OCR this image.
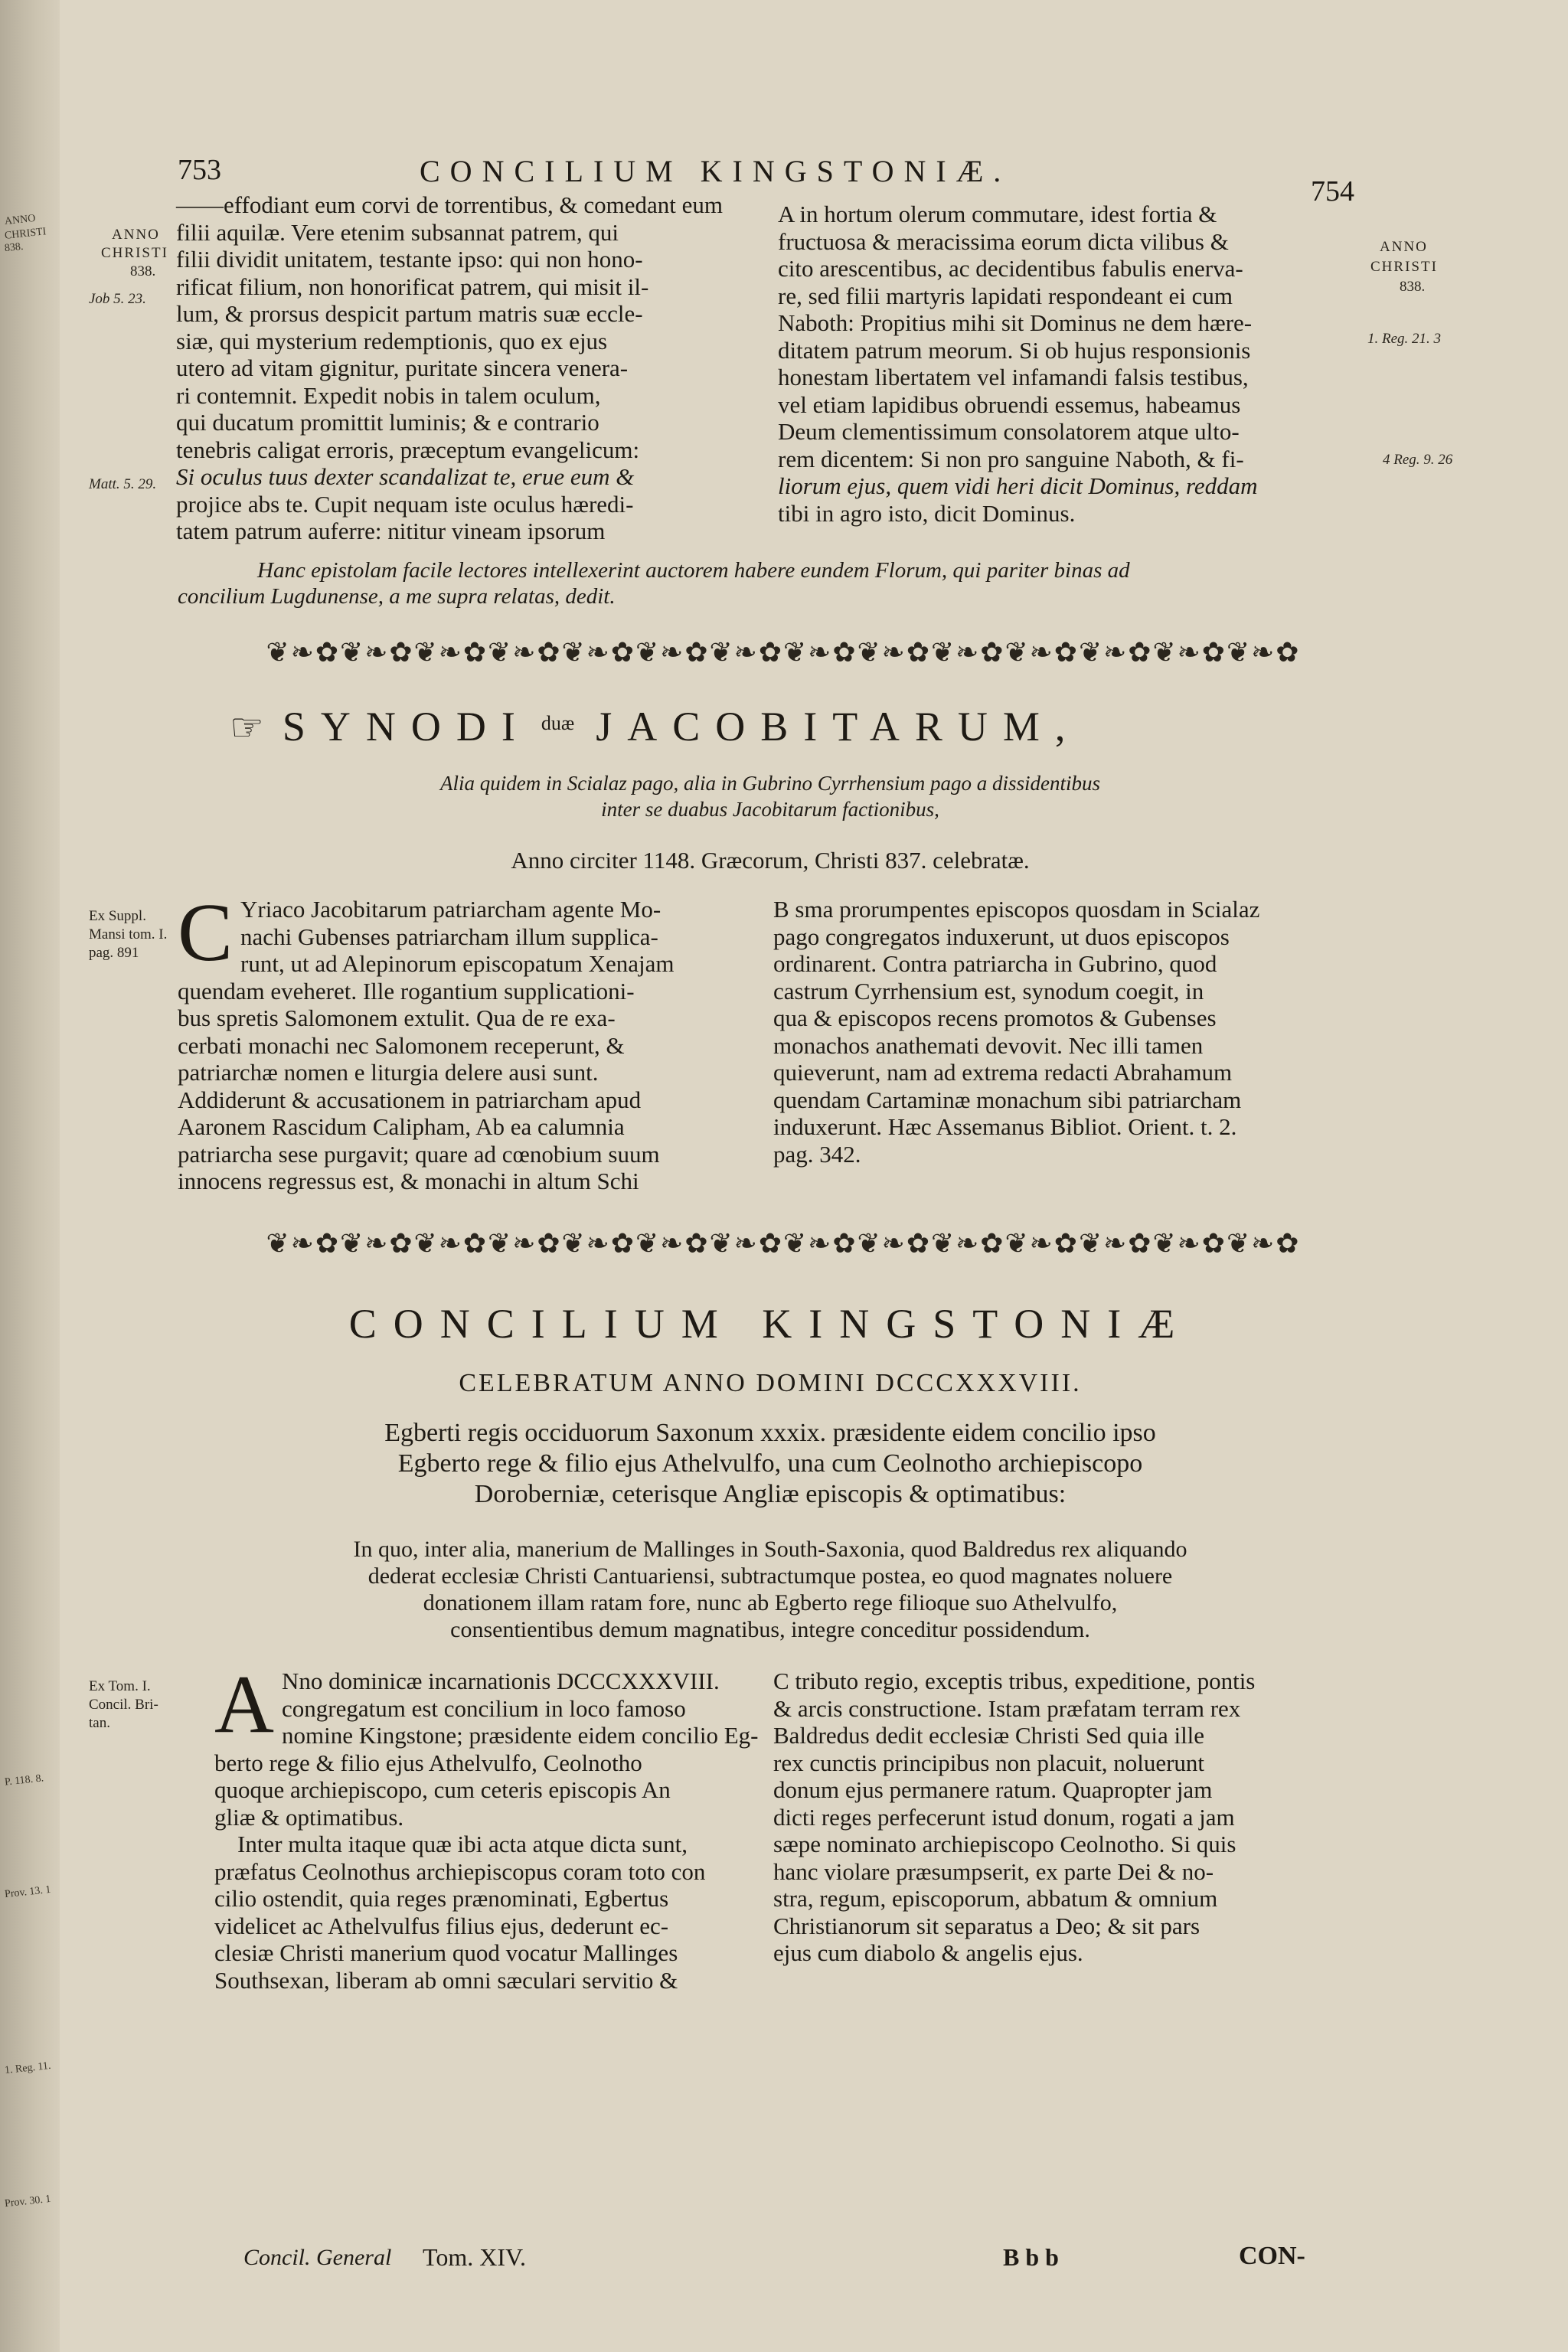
ANNO
CHRISTI
838.
P. 118. 8.
Prov. 13. 1
1. Reg. 11.
Prov. 30. 1
753	CONCILIUM KINGSTONIÆ.
754
ANNO
CHRISTI
838.
Job 5. 23.
Matt. 5. 29.
ANNO
CHRISTI
838.
1. Reg. 21. 3
4 Reg. 9. 26

——effodiant eum corvi de torrentibus, & comedant eum

filii aquilæ. Vere etenim subsannat patrem, qui

filii dividit unitatem, testante ipso: qui non hono-

rificat filium, non honorificat patrem, qui misit il-

lum, & prorsus despicit partum matris suæ eccle-

siæ, qui mysterium redemptionis, quo ex ejus

utero ad vitam gignitur, puritate sincera venera-

ri contemnit. Expedit nobis in talem oculum,

qui ducatum promittit luminis; & e contrario

tenebris caligat erroris, præceptum evangelicum:

Si oculus tuus dexter scandalizat te, erue eum &

projice abs te. Cupit nequam iste oculus hæredi-

tatem patrum auferre: nititur vineam ipsorum

A in hortum olerum commutare, idest fortia &

fructuosa & meracissima eorum dicta vilibus &

cito arescentibus, ac decidentibus fabulis enerva-

re, sed filii martyris lapidati respondeant ei cum

Naboth: Propitius mihi sit Dominus ne dem hære-

ditatem patrum meorum. Si ob hujus responsionis

honestam libertatem vel infamandi falsis testibus,

vel etiam lapidibus obruendi essemus, habeamus

Deum clementissimum consolatorem atque ulto-

rem dicentem: Si non pro sanguine Naboth, & fi-

liorum ejus, quem vidi heri dicit Dominus, reddam

tibi in agro isto, dicit Dominus.

Hanc epistolam facile lectores intellexerint auctorem habere eundem Florum, qui pariter binas ad

concilium Lugdunense, a me supra relatas, dedit.

❦❧✿❦❧✿❦❧✿❦❧✿❦❧✿❦❧✿❦❧✿❦❧✿❦❧✿❦❧✿❦❧✿❦❧✿❦❧✿❦❧✿
☞ SYNODI duæ JACOBITARUM,
Alia quidem in Scialaz pago, alia in Gubrino Cyrrhensium pago a dissidentibus
inter se duabus Jacobitarum factionibus,
Anno circiter 1148. Græcorum, Christi 837. celebratæ.
Ex Suppl.
Mansi tom. I.
pag. 891 C Yriaco Jacobitarum patriarcham agente Mo-

nachi Gubenses patriarcham illum supplica-

runt, ut ad Alepinorum episcopatum Xenajam

quendam eveheret. Ille rogantium supplicationi-

bus spretis Salomonem extulit. Qua de re exa-

cerbati monachi nec Salomonem receperunt, &

patriarchæ nomen e liturgia delere ausi sunt.

Addiderunt & accusationem in patriarcham apud

Aaronem Rascidum Calipham, Ab ea calumnia

patriarcha sese purgavit; quare ad cœnobium suum

innocens regressus est, & monachi in altum Schi

B sma prorumpentes episcopos quosdam in Scialaz

pago congregatos induxerunt, ut duos episcopos

ordinarent. Contra patriarcha in Gubrino, quod

castrum Cyrrhensium est, synodum coegit, in

qua & episcopos recens promotos & Gubenses

monachos anathemati devovit. Nec illi tamen

quieverunt, nam ad extrema redacti Abrahamum

quendam Cartaminæ monachum sibi patriarcham

induxerunt. Hæc Assemanus Bibliot. Orient. t. 2.

pag. 342.

❦❧✿❦❧✿❦❧✿❦❧✿❦❧✿❦❧✿❦❧✿❦❧✿❦❧✿❦❧✿❦❧✿❦❧✿❦❧✿❦❧✿
CONCILIUM KINGSTONIÆ
CELEBRATUM ANNO DOMINI DCCCXXXVIII.
Egberti regis occiduorum Saxonum xxxix. præsidente eidem concilio ipso
Egberto rege & filio ejus Athelvulfo, una cum Ceolnotho archiepiscopo
Doroberniæ, ceterisque Angliæ episcopis & optimatibus:
In quo, inter alia, manerium de Mallinges in South-Saxonia, quod Baldredus rex aliquando
dederat ecclesiæ Christi Cantuariensi, subtractumque postea, eo quod magnates noluere
donationem illam ratam fore, nunc ab Egberto rege filioque suo Athelvulfo,
consentientibus demum magnatibus, integre conceditur possidendum.
Ex Tom. I.
Concil. Bri-
tan. A Nno dominicæ incarnationis DCCCXXXVIII.

congregatum est concilium in loco famoso

nomine Kingstone; præsidente eidem concilio Eg-

berto rege & filio ejus Athelvulfo, Ceolnotho

quoque archiepiscopo, cum ceteris episcopis An

gliæ & optimatibus.

Inter multa itaque quæ ibi acta atque dicta sunt,

præfatus Ceolnothus archiepiscopus coram toto con

cilio ostendit, quia reges prænominati, Egbertus

videlicet ac Athelvulfus filius ejus, dederunt ec-

clesiæ Christi manerium quod vocatur Mallinges

Southsexan, liberam ab omni sæculari servitio &

C tributo regio, exceptis tribus, expeditione, pontis

& arcis constructione. Istam præfatam terram rex

Baldredus dedit ecclesiæ Christi Sed quia ille

rex cunctis principibus non placuit, noluerunt

donum ejus permanere ratum. Quapropter jam

dicti reges perfecerunt istud donum, rogati a jam

sæpe nominato archiepiscopo Ceolnotho. Si quis

hanc violare præsumpserit, ex parte Dei & no-

stra, regum, episcoporum, abbatum & omnium

Christianorum sit separatus a Deo; & sit pars

ejus cum diabolo & angelis ejus.

Concil. General Tom. XIV.	Bbb	CON-
